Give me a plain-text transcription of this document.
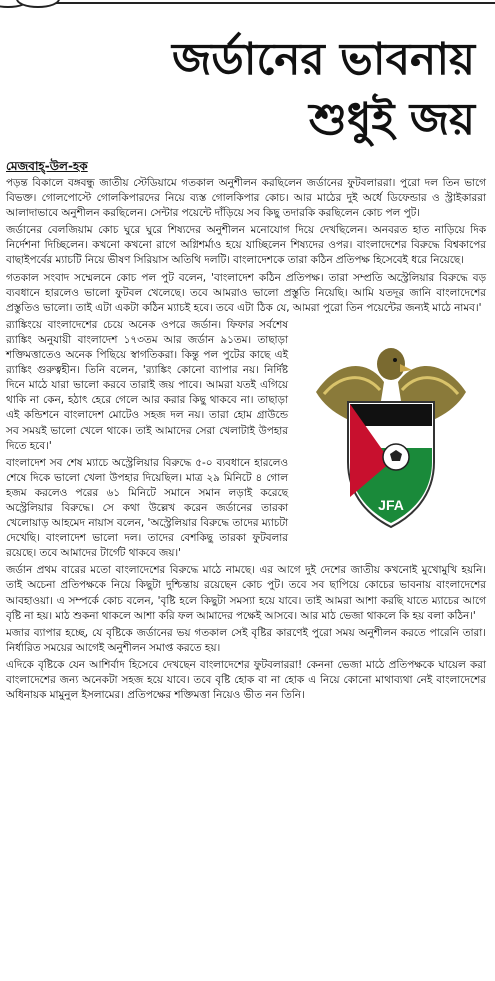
জর্ডানের ভাবনায়
শুধুই জয়
মেজবাহ্-উল-হক

পড়ন্ত বিকালে বঙ্গবন্ধু জাতীয় স্টেডিয়ামে গতকাল অনুশীলন করছিলেন জর্ডানের ফুটবলাররা। পুরো দল তিন ভাগে বিভক্ত। গোলপোস্টে গোলকিপারদের নিয়ে ব্যস্ত গোলকিপার কোচ। আর মাঠের দুই অর্ধে ডিফেন্ডার ও স্ট্রাইকাররা আলাদাভাবে অনুশীলন করছিলেন। সেন্টার পয়েন্টে দাঁড়িয়ে সব কিছু তদারকি করছিলেন কোচ পল পুট।

জর্ডানের বেলজিয়াম কোচ ঘুরে ঘুরে শিষ্যদের অনুশীলন মনোযোগ দিয়ে দেখছিলেন। অনবরত হাত নাড়িয়ে দিক নির্দেশনা দিচ্ছিলেন। কখনো কখনো রাগে অগ্নিশর্মাও হয়ে যাচ্ছিলেন শিষ্যদের ওপর। বাংলাদেশের বিরুদ্ধে বিশ্বকাপের বাছাইপর্বের ম্যাচটি নিয়ে ভীষণ সিরিয়াস অতিথি দলটি। বাংলাদেশকে তারা কঠিন প্রতিপক্ষ হিসেবেই ধরে নিয়েছে।

গতকাল সংবাদ সম্মেলনে কোচ পল পুট বলেন, 'বাংলাদেশ কঠিন প্রতিপক্ষ। তারা সম্প্রতি অস্ট্রেলিয়ার বিরুদ্ধে বড় ব্যবধানে হারলেও ভালো ফুটবল খেলেছে। তবে আমরাও ভালো প্রস্তুতি নিয়েছি। আমি যতদূর জানি বাংলাদেশের প্রস্তুতিও ভালো। তাই এটা একটা কঠিন ম্যাচই হবে। তবে এটা ঠিক যে, আমরা পুরো তিন পয়েন্টের জন্যই মাঠে নামব।'

JFA

র‍্যাঙ্কিংয়ে বাংলাদেশের চেয়ে অনেক ওপরে জর্ডান। ফিফার সর্বশেষ র‍্যাঙ্কিং অনুযায়ী বাংলাদেশ ১৭৩তম আর জর্ডান ৯১তম। তাছাড়া শক্তিমত্তাতেও অনেক পিছিয়ে স্বাগতিকরা। কিন্তু পল পুটের কাছে এই র‍্যাঙ্কিং গুরুত্বহীন। তিনি বলেন, 'র‍্যাঙ্কিং কোনো ব্যাপার নয়। নির্দিষ্ট দিনে মাঠে যারা ভালো করবে তারাই জয় পাবে। আমরা যতই এগিয়ে থাকি না কেন, হঠাৎ হেরে গেলে আর করার কিছু থাকবে না। তাছাড়া এই কন্ডিশনে বাংলাদেশ মোটেও সহজ দল নয়। তারা হোম গ্রাউন্ডে সব সময়ই ভালো খেলে থাকে। তাই আমাদের সেরা খেলাটাই উপহার দিতে হবে।'

বাংলাদেশ সব শেষ ম্যাচে অস্ট্রেলিয়ার বিরুদ্ধে ৫-০ ব্যবধানে হারলেও শেষে দিকে ভালো খেলা উপহার দিয়েছিল। মাত্র ২৯ মিনিটে ৪ গোল হজম করলেও পরের ৬১ মিনিটে সমানে সমান লড়াই করেছে অস্ট্রেলিয়ার বিরুদ্ধে। সে কথা উল্লেখ করেন জর্ডানের তারকা খেলোয়াড় আহমেদ নায়াস বলেন, 'অস্ট্রেলিয়ার বিরুদ্ধে তাদের ম্যাচটা দেখেছি। বাংলাদেশ ভালো দল। তাদের বেশকিছু তারকা ফুটবলার রয়েছে। তবে আমাদের টার্গেট থাকবে জয়।'

জর্ডান প্রথম বারের মতো বাংলাদেশের বিরুদ্ধে মাঠে নামছে। এর আগে দুই দেশের জাতীয় কখনোই মুখোমুখি হয়নি। তাই অচেনা প্রতিপক্ষকে নিয়ে কিছুটা দুশ্চিন্তায় রয়েছেন কোচ পুট। তবে সব ছাপিয়ে কোচের ভাবনায় বাংলাদেশের আবহাওয়া। এ সম্পর্কে কোচ বলেন, 'বৃষ্টি হলে কিছুটা সমস্যা হয়ে যাবে। তাই আমরা আশা করছি যাতে ম্যাচের আগে বৃষ্টি না হয়। মাঠ শুকনা থাকলে আশা করি ফল আমাদের পক্ষেই আসবে। আর মাঠ ভেজা থাকলে কি হয় বলা কঠিন।'

মজার ব্যাপার হচ্ছে, যে বৃষ্টিকে জর্ডানের ভয় গতকাল সেই বৃষ্টির কারণেই পুরো সময় অনুশীলন করতে পারেনি তারা। নির্ধারিত সময়ের আগেই অনুশীলন সমাপ্ত করতে হয়।

এদিকে বৃষ্টিকে যেন আশির্বাদ হিসেবে দেখছেন বাংলাদেশের ফুটবলাররা! কেননা ভেজা মাঠে প্রতিপক্ষকে ঘায়েল করা বাংলাদেশের জন্য অনেকটা সহজ হয়ে যাবে। তবে বৃষ্টি হোক বা না হোক এ নিয়ে কোনো মাথাব্যথা নেই বাংলাদেশের অধিনায়ক মামুনুল ইসলামের। প্রতিপক্ষের শক্তিমত্তা নিয়েও ভীত নন তিনি।
